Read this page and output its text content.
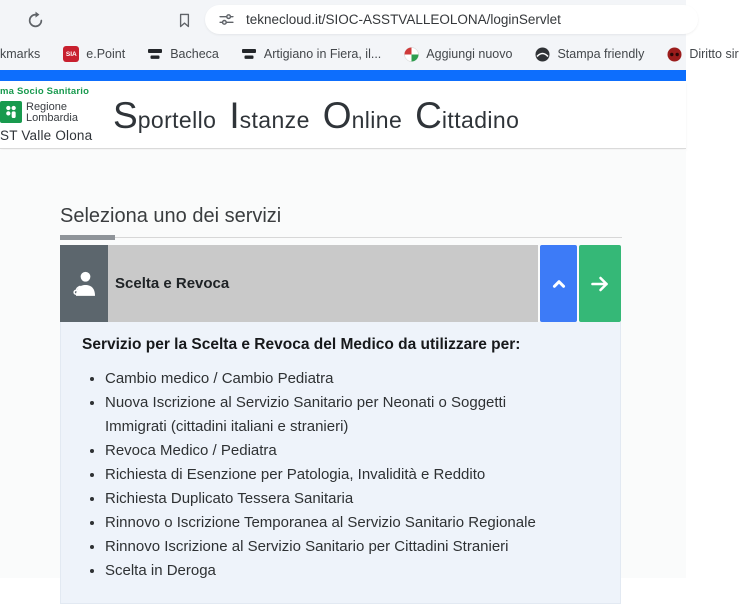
teknecloud.it/SIOC-ASSTVALLEOLONA/loginServlet
kmarks	SIA e.Point	Bacheca	Artigiano in Fiera, il...	Aggiungi nuovo	Stampa friendly	Diritto sir
ma Socio Sanitario
Regione
Lombardia
ST Valle Olona S portello I stanze O nline C ittadino
Seleziona uno dei servizi
Scelta e Revoca
Servizio per la Scelta e Revoca del Medico da utilizzare per:
• Cambio medico / Cambio Pediatra
• Nuova Iscrizione al Servizio Sanitario per Neonati o Soggetti Immigrati (cittadini italiani e stranieri)
• Revoca Medico / Pediatra
• Richiesta di Esenzione per Patologia, Invalidità e Reddito
• Richiesta Duplicato Tessera Sanitaria
• Rinnovo o Iscrizione Temporanea al Servizio Sanitario Regionale
• Rinnovo Iscrizione al Servizio Sanitario per Cittadini Stranieri
• Scelta in Deroga
